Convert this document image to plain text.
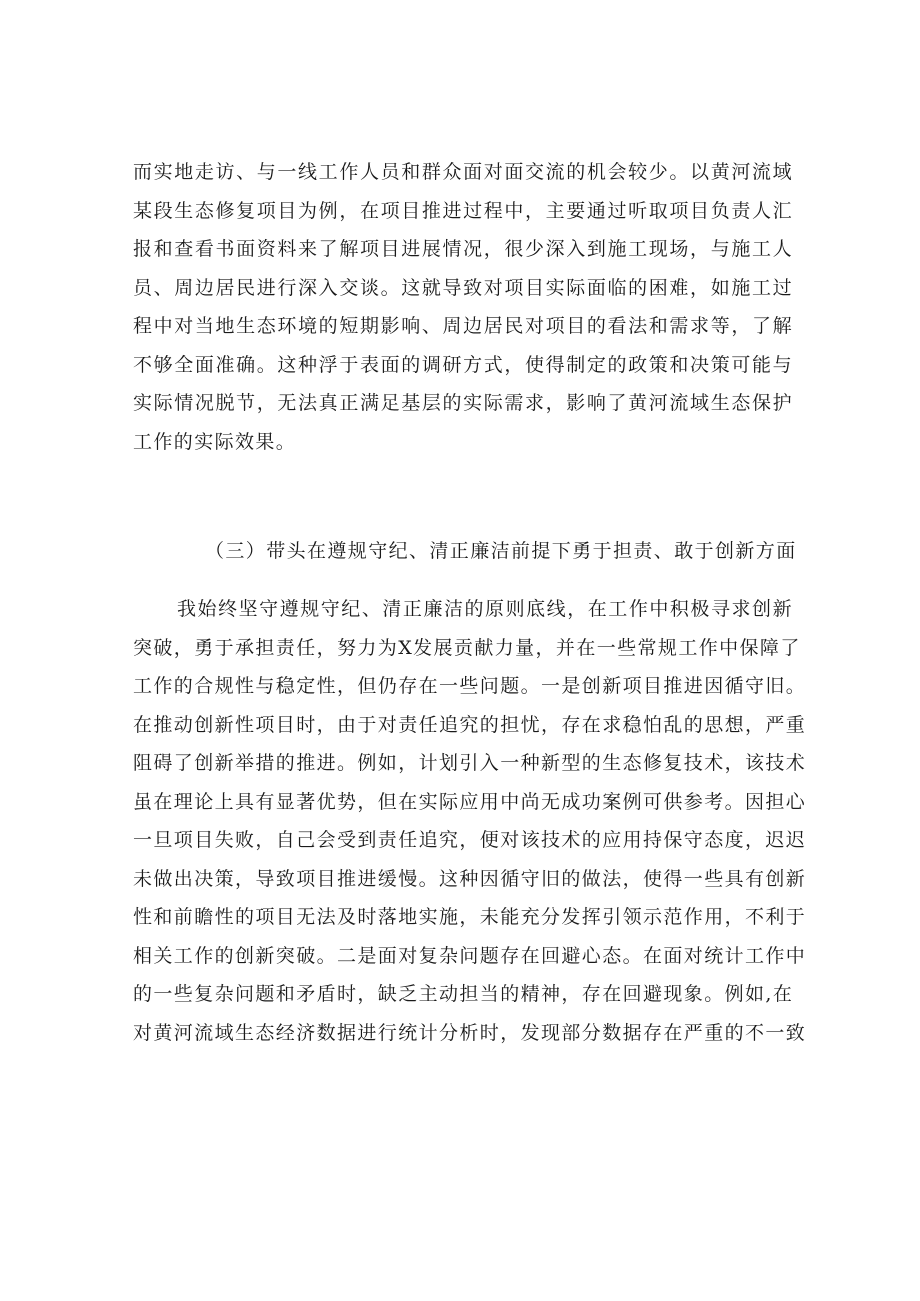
而实地走访、与一线工作人员和群众面对面交流的机会较少。以黄河流域
某段生态修复项目为例，在项目推进过程中，主要通过听取项目负责人汇
报和查看书面资料来了解项目进展情况，很少深入到施工现场，与施工人
员、周边居民进行深入交谈。这就导致对项目实际面临的困难，如施工过
程中对当地生态环境的短期影响、周边居民对项目的看法和需求等，了解
不够全面准确。这种浮于表面的调研方式，使得制定的政策和决策可能与
实际情况脱节，无法真正满足基层的实际需求，影响了黄河流域生态保护
工作的实际效果。
（三）带头在遵规守纪、清正廉洁前提下勇于担责、敢于创新方面
我始终坚守遵规守纪、清正廉洁的原则底线，在工作中积极寻求创新
突破，勇于承担责任，努力为X发展贡献力量，并在一些常规工作中保障了
工作的合规性与稳定性，但仍存在一些问题。一是创新项目推进因循守旧。
在推动创新性项目时，由于对责任追究的担忧，存在求稳怕乱的思想，严重
阻碍了创新举措的推进。例如，计划引入一种新型的生态修复技术，该技术
虽在理论上具有显著优势，但在实际应用中尚无成功案例可供参考。因担心
一旦项目失败，自己会受到责任追究，便对该技术的应用持保守态度，迟迟
未做出决策，导致项目推进缓慢。这种因循守旧的做法，使得一些具有创新
性和前瞻性的项目无法及时落地实施，未能充分发挥引领示范作用，不利于
相关工作的创新突破。二是面对复杂问题存在回避心态。在面对统计工作中
的一些复杂问题和矛盾时，缺乏主动担当的精神，存在回避现象。例如,在
对黄河流域生态经济数据进行统计分析时，发现部分数据存在严重的不一致
